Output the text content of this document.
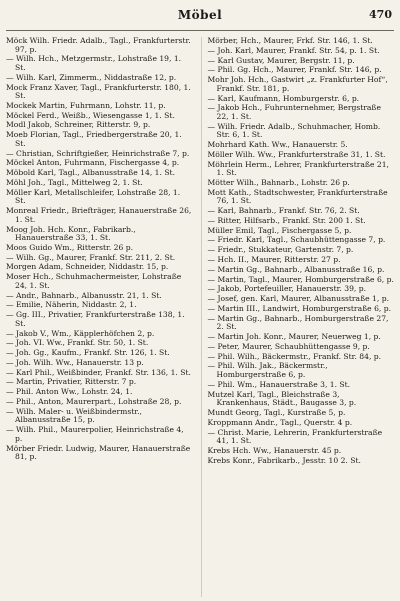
Möbel	470
Möck Wilh. Friedr. Adalb., Tagl., Frankfurterstr. 97, p.
— Wilh. Hch., Metzgermstr., Lohstraße 19, 1. St.
— Wilh. Karl, Zimmerm., Niddastraße 12, p.
Mock Franz Xaver, Tagl., Frankfurterstr. 180, 1. St.
Mockek Martin, Fuhrmann, Lohstr. 11, p.
Möckel Ferd., Weißb., Wiesengasse 1, 1. St.
Modl Jakob, Schreiner, Ritterstr. 9, p.
Moeb Florian, Tagl., Friedbergerstraße 20, 1. St.
— Christian, Schriftgießer, Heinrichstraße 7, p.
Möckel Anton, Fuhrmann, Fischergasse 4, p.
Möbold Karl, Tagl., Albanusstraße 14, 1. St.
Möhl Joh., Tagl., Mittelweg 2, 1. St.
Möller Karl, Metallschleifer, Lohstraße 28, 1. St.
Monreal Friedr., Briefträger, Hanauerstraße 26, 1. St.
Moog Joh. Hch. Konr., Fabrikarb., Hanauerstraße 33, 1. St.
Moos Guido Wm., Ritterstr. 26 p.
— Wilh. Gg., Maurer, Frankf. Str. 211, 2. St.
Morgen Adam, Schneider, Niddastr. 15, p.
Moser Hch., Schuhmachermeister, Lohstraße 24, 1. St.
— Andr., Bahnarb., Albanusstr. 21, 1. St.
— Emilie, Näherin, Niddastr. 2, 1.
— Gg. III., Privatier, Frankfurterstraße 138, 1. St.
— Jakob V., Wm., Käpplerhöfchen 2, p.
— Joh. VI. Ww., Frankf. Str. 50, 1. St.
— Joh. Gg., Kaufm., Frankf. Str. 126, 1. St.
— Joh. Wilh. Ww., Hanauerstr. 13 p.
— Karl Phil., Weißbinder, Frankf. Str. 136, 1. St.
— Martin, Privatier, Ritterstr. 7 p.
— Phil. Anton Ww., Lohstr. 24, 1.
— Phil., Anton, Maurerpart., Lohstraße 28, p.
— Wilh. Maler- u. Weißbindermstr., Albanusstraße 15, p.
— Wilh. Phil., Maurerpolier, Heinrichstraße 4, p.
Mörber Friedr. Ludwig, Maurer, Hanauerstraße 81, p.
Mörber, Hch., Maurer, Frkf. Str. 146, 1. St.
— Joh. Karl, Maurer, Frankf. Str. 54, p. 1. St.
— Karl Gustav, Maurer, Bergstr. 11, p.
— Phil. Gg. Hch., Maurer, Frankf. Str. 146, p.
Mohr Joh. Hch., Gastwirt „z. Frankfurter Hof“, Frankf. Str. 181, p.
— Karl, Kaufmann, Homburgerstr. 6, p.
— Jakob Hch., Fuhrunternehmer, Bergstraße 22, 1. St.
— Wilh. Friedr. Adalb., Schuhmacher, Homb. Str. 6, 1. St.
Mohrhard Kath. Ww., Hanauerstr. 5.
Möller Wilh. Ww., Frankfurterstraße 31, 1. St.
Möhrlein Herm., Lehrer, Frankfurterstraße 21, 1. St.
Mötter Wilh., Bahnarb., Lohstr. 26 p.
Mott Kath., Stadtschwester, Frankfurterstraße 76, 1. St.
— Karl, Bahnarb., Frankf. Str. 76, 2. St.
— Ritter, Hilfsarb., Frankf. Str. 200 1. St.
Müller Emil, Tagl., Fischergasse 5, p.
— Friedr. Karl, Tagl., Schaubhüttengasse 7, p.
— Friedr., Stukkateur, Gartenstr. 7, p.
— Hch. II., Maurer, Ritterstr. 27 p.
— Martin Gg., Bahnarb., Albanusstraße 16, p.
— Martin, Tagl., Maurer, Homburgerstraße 6, p.
— Jakob, Portefeuiller, Hanauerstr. 39, p.
— Josef, gen. Karl, Maurer, Albanusstraße 1, p.
— Martin III., Landwirt, Homburgerstraße 6, p.
— Martin Gg., Bahnarb., Homburgerstraße 27, 2. St.
— Martin Joh. Konr., Maurer, Neuerweg 1, p.
— Peter, Maurer, Schaubhüttengasse 9, p.
— Phil. Wilh., Bäckermstr., Frankf. Str. 84, p.
— Phil. Wilh. Jak., Bäckermstr., Homburgerstraße 6, p.
— Phil. Wm., Hanauerstraße 3, 1. St.
Mutzel Karl, Tagl., Bleichstraße 3, Krankenhaus, Städt., Baugasse 3, p.
Mundt Georg, Tagl., Kurstraße 5, p.
Kroppmann Andr., Tagl., Querstr. 4 p.
— Christ. Marie, Lehrerin, Frankfurterstraße 41, 1. St.
Krebs Hch. Ww., Hanauerstr. 45 p.
Krebs Konr., Fabrikarb., Jesstr. 10 2. St.
